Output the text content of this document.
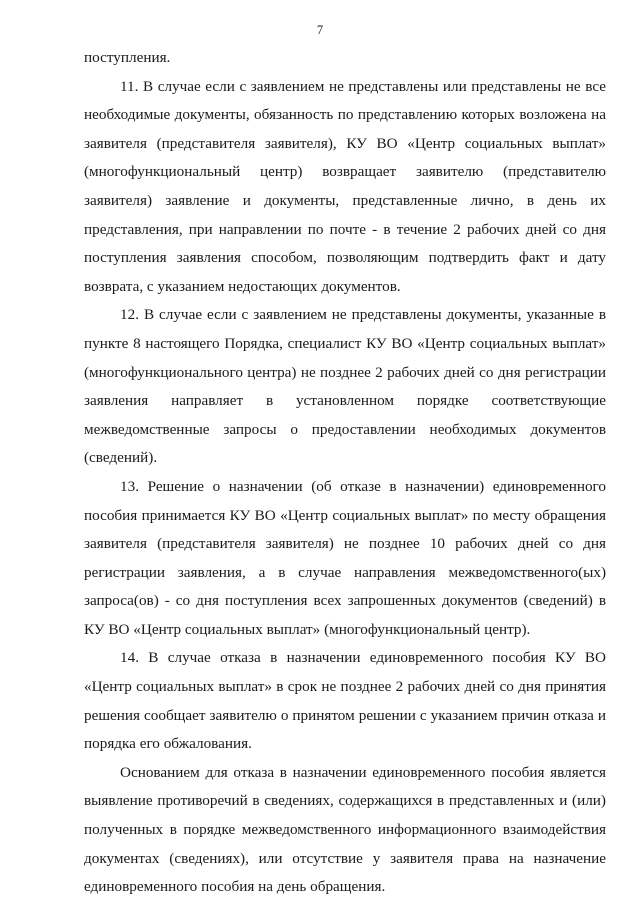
7

поступления.

11. В случае если с заявлением не представлены или представлены не все необходимые документы, обязанность по представлению которых возложена на заявителя (представителя заявителя), КУ ВО «Центр социальных выплат» (многофункциональный центр) возвращает заявителю (представителю заявителя) заявление и документы, представленные лично, в день их представления, при направлении по почте - в течение 2 рабочих дней со дня поступления заявления способом, позволяющим подтвердить факт и дату возврата, с указанием недостающих документов.

12. В случае если с заявлением не представлены документы, указанные в пункте 8 настоящего Порядка, специалист КУ ВО «Центр социальных выплат» (многофункционального центра) не позднее 2 рабочих дней со дня регистрации заявления направляет в установленном порядке соответствующие межведомственные запросы о предоставлении необходимых документов (сведений).

13. Решение о назначении (об отказе в назначении) единовременного пособия принимается КУ ВО «Центр социальных выплат» по месту обращения заявителя (представителя заявителя) не позднее 10 рабочих дней со дня регистрации заявления, а в случае направления межведомственного(ых) запроса(ов) - со дня поступления всех запрошенных документов (сведений) в КУ ВО «Центр социальных выплат» (многофункциональный центр).

14. В случае отказа в назначении единовременного пособия КУ ВО «Центр социальных выплат» в срок не позднее 2 рабочих дней со дня принятия решения сообщает заявителю о принятом решении с указанием причин отказа и порядка его обжалования.

Основанием для отказа в назначении единовременного пособия является выявление противоречий в сведениях, содержащихся в представленных и (или) полученных в порядке межведомственного информационного взаимодействия документах (сведениях), или отсутствие у заявителя права на назначение единовременного пособия на день обращения.
